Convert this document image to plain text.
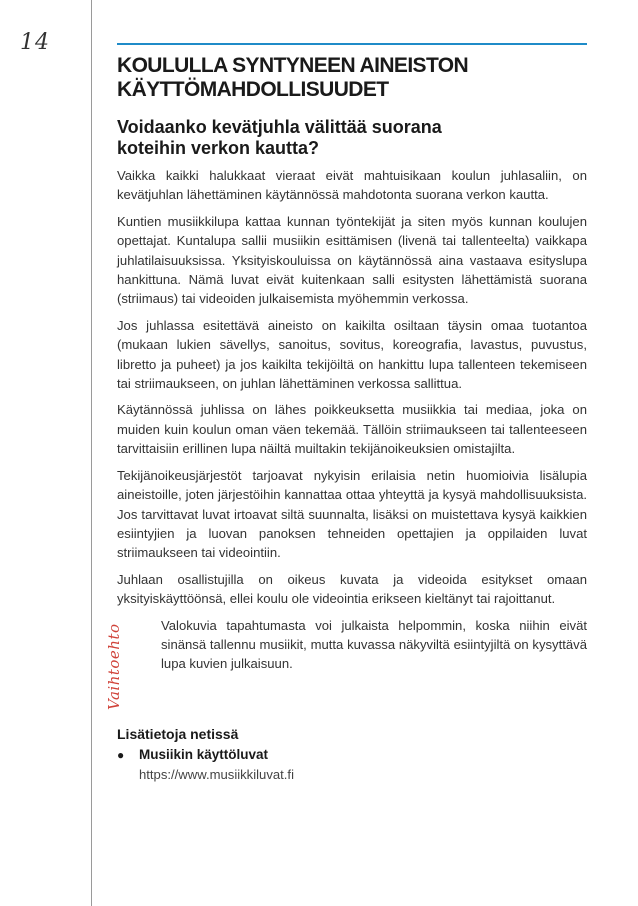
14
KOULULLA SYNTYNEEN AINEISTON KÄYTTÖMAHDOLLISUUDET
Voidaanko kevätjuhla välittää suorana koteihin verkon kautta?

Vaikka kaikki halukkaat vieraat eivät mahtuisikaan koulun juhlasaliin, on kevätjuhlan lähettäminen käytännössä mahdotonta suorana verkon kautta.

Kuntien musiikkilupa kattaa kunnan työntekijät ja siten myös kunnan koulujen opettajat. Kuntalupa sallii musiikin esittämisen (livenä tai tallenteelta) vaikkapa juhlatilaisuuksissa. Yksityiskouluissa on käytännössä aina vastaava esityslupa hankittuna. Nämä luvat eivät kuitenkaan salli esitysten lähettämistä suorana (striimaus) tai videoiden julkaisemista myöhemmin verkossa.

Jos juhlassa esitettävä aineisto on kaikilta osiltaan täysin omaa tuotantoa (mukaan lukien sävellys, sanoitus, sovitus, koreografia, lavastus, puvustus, libretto ja puheet) ja jos kaikilta tekijöiltä on hankittu lupa tallenteen tekemiseen tai striimaukseen, on juhlan lähettäminen verkossa sallittua.

Käytännössä juhlissa on lähes poikkeuksetta musiikkia tai mediaa, joka on muiden kuin koulun oman väen tekemää. Tällöin striimaukseen tai tallenteeseen tarvittaisiin erillinen lupa näiltä muiltakin tekijänoikeuksien omistajilta.

Tekijänoikeusjärjestöt tarjoavat nykyisin erilaisia netin huomioivia lisälupia aineistoille, joten järjestöihin kannattaa ottaa yhteyttä ja kysyä mahdollisuuksista. Jos tarvittavat luvat irtoavat siltä suunnalta, lisäksi on muistettava kysyä kaikkien esiintyjien ja luovan panoksen tehneiden opettajien ja oppilaiden luvat striimaukseen tai videointiin.

Juhlaan osallistujilla on oikeus kuvata ja videoida esitykset omaan yksityiskäyttöönsä, ellei koulu ole videointia erikseen kieltänyt tai rajoittanut.

Vaihtoehto	Valokuvia tapahtumasta voi julkaista helpommin, koska niihin eivät sinänsä tallennu musiikit, mutta kuvassa näkyviltä esiintyjiltä on kysyttävä lupa kuvien julkaisuun.

Lisätietoja netissä
● Musiikin käyttöluvat
https://www.musiikkiluvat.fi
